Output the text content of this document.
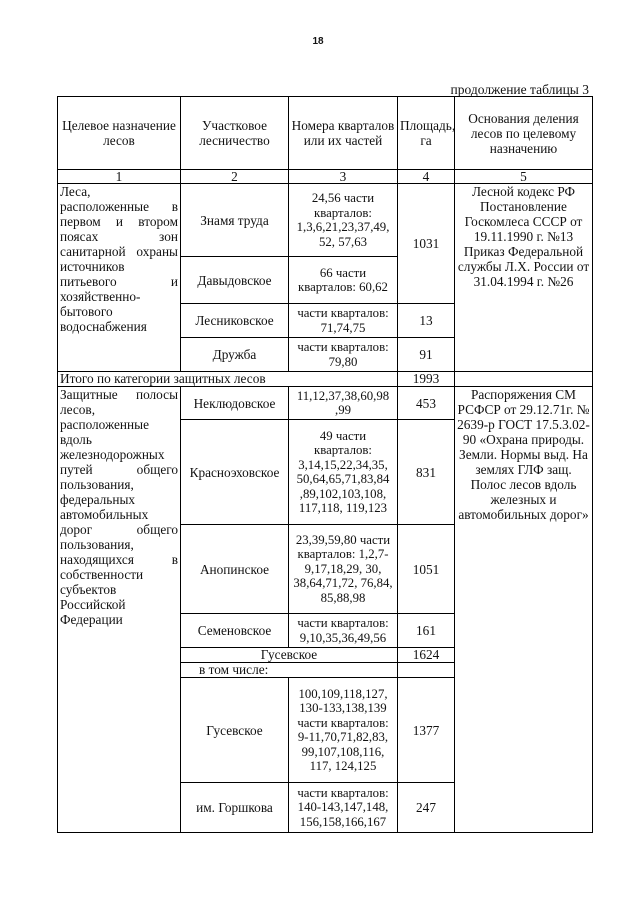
18
продолжение таблицы 3
Целевое назначение лесов	Участковое лесничество	Номера кварталов или их частей	Площадь, га	Основания деления лесов по целевому назначению
1	2	3	4	5
Леса, расположенные в первом и втором поясах зон санитарной охраны источников питьевого и хозяйственно-бытового водоснабжения	Знамя труда	24,56 части кварталов: 1,3,6,21,23,37,49, 52, 57,63	1031	Лесной кодекс РФ Постановление Госкомлеса СССР от 19.11.1990 г. №13 Приказ Федеральной службы Л.Х. России от 31.04.1994 г. №26
	Давыдовское	66 части кварталов: 60,62		
	Лесниковское	части кварталов: 71,74,75	13	
	Дружба	части кварталов: 79,80	91	
Итого по категории защитных лесов			1993	
Защитные полосы лесов, расположенные вдоль железнодорожных путей общего пользования, федеральных автомобильных дорог общего пользования, находящихся в собственности субъектов Российской Федерации	Неклюдовское	11,12,37,38,60,98 ,99	453	Распоряжения СМ РСФСР от 29.12.71г. № 2639-р ГОСТ 17.5.3.02-90 «Охрана природы. Земли. Нормы выд. На землях ГЛФ защ. Полос лесов вдоль железных и автомобильных дорог»
	Красноэховское	49 части кварталов: 3,14,15,22,34,35, 50,64,65,71,83,84 ,89,102,103,108, 117,118, 119,123	831	
	Анопинское	23,39,59,80 части кварталов: 1,2,7-9,17,18,29, 30, 38,64,71,72, 76,84, 85,88,98	1051	
	Семеновское	части кварталов: 9,10,35,36,49,56	161	
	Гусевское		1624	
	в том числе:			
	Гусевское	100,109,118,127, 130-133,138,139 части кварталов: 9-11,70,71,82,83, 99,107,108,116, 117, 124,125	1377	
	им. Горшкова	части кварталов: 140-143,147,148, 156,158,166,167	247	
